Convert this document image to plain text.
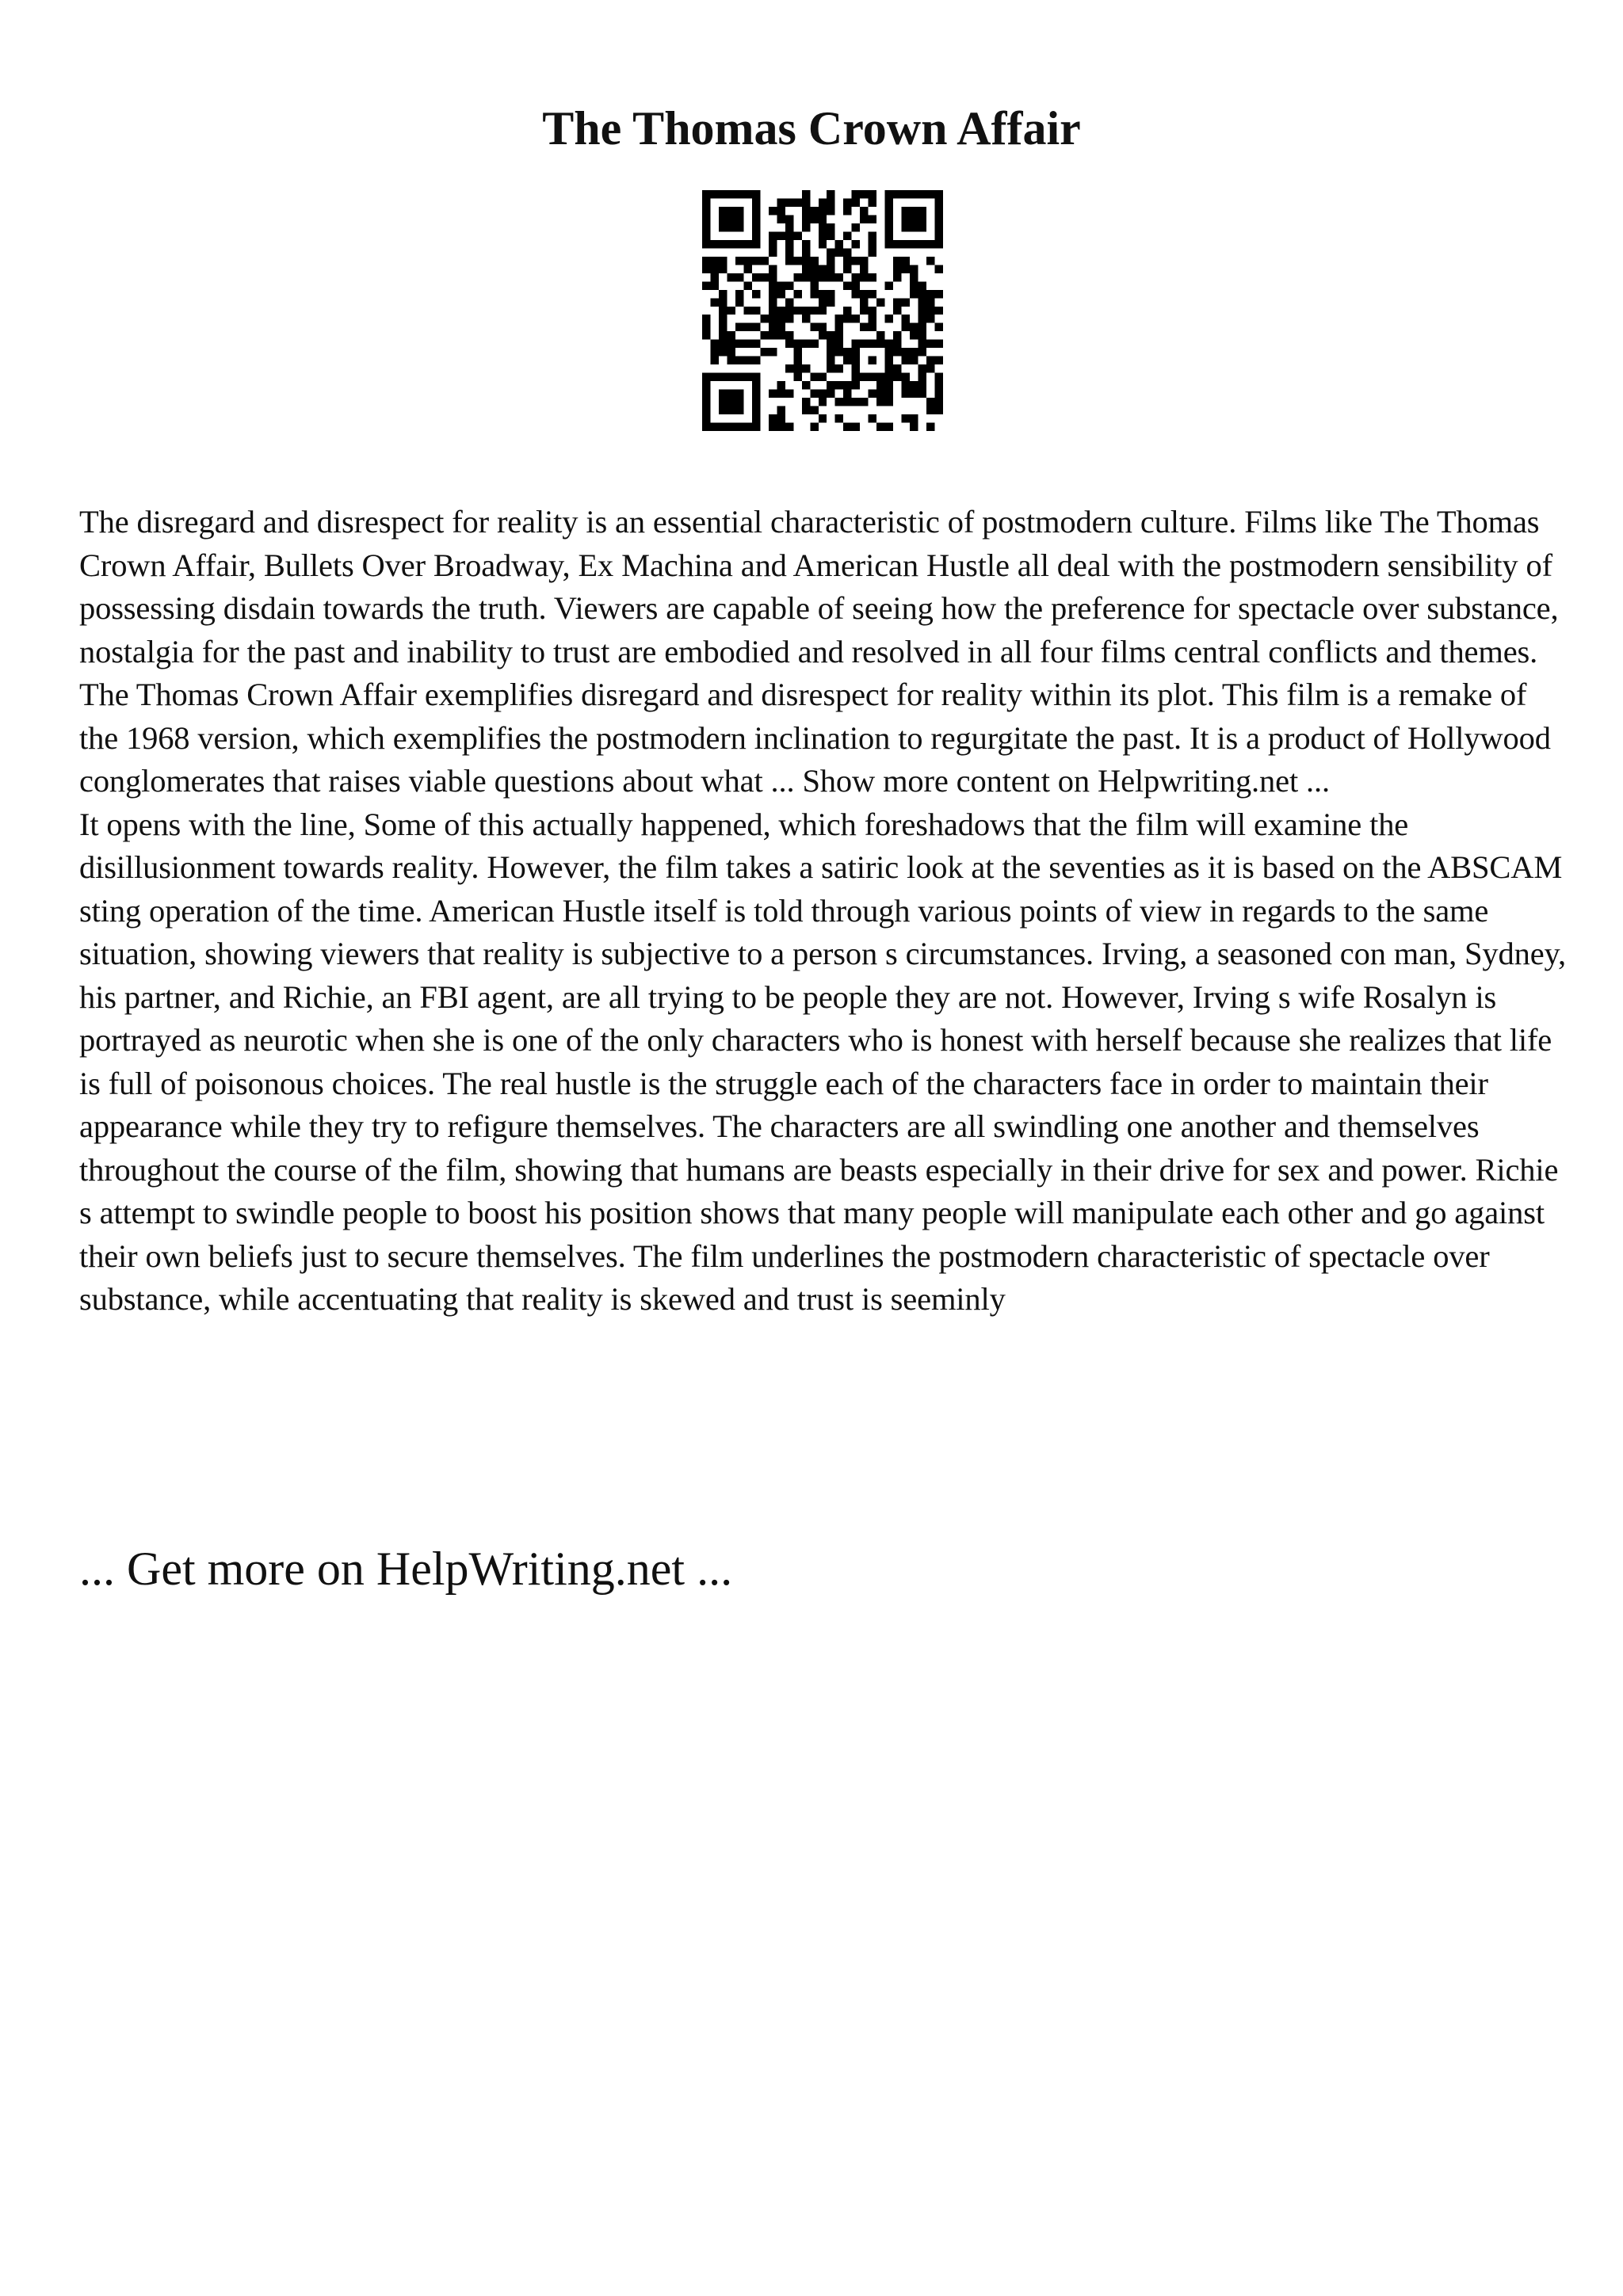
The Thomas Crown Affair

The disregard and disrespect for reality is an essential characteristic of postmodern culture. Films like The Thomas Crown Affair, Bullets Over Broadway, Ex Machina and American Hustle all deal with the postmodern sensibility of possessing disdain towards the truth. Viewers are capable of seeing how the preference for spectacle over substance, nostalgia for the past and inability to trust are embodied and resolved in all four films central conflicts and themes.

The Thomas Crown Affair exemplifies disregard and disrespect for reality within its plot. This film is a remake of the 1968 version, which exemplifies the postmodern inclination to regurgitate the past. It is a product of Hollywood conglomerates that raises viable questions about what ... Show more content on Helpwriting.net ...

It opens with the line, Some of this actually happened, which foreshadows that the film will examine the disillusionment towards reality. However, the film takes a satiric look at the seventies as it is based on the ABSCAM sting operation of the time. American Hustle itself is told through various points of view in regards to the same situation, showing viewers that reality is subjective to a person s circumstances. Irving, a seasoned con man, Sydney, his partner, and Richie, an FBI agent, are all trying to be people they are not. However, Irving s wife Rosalyn is portrayed as neurotic when she is one of the only characters who is honest with herself because she realizes that life is full of poisonous choices. The real hustle is the struggle each of the characters face in order to maintain their appearance while they try to refigure themselves. The characters are all swindling one another and themselves throughout the course of the film, showing that humans are beasts especially in their drive for sex and power. Richie s attempt to swindle people to boost his position shows that many people will manipulate each other and go against their own beliefs just to secure themselves. The film underlines the postmodern characteristic of spectacle over substance, while accentuating that reality is skewed and trust is seeminly

... Get more on HelpWriting.net ...
